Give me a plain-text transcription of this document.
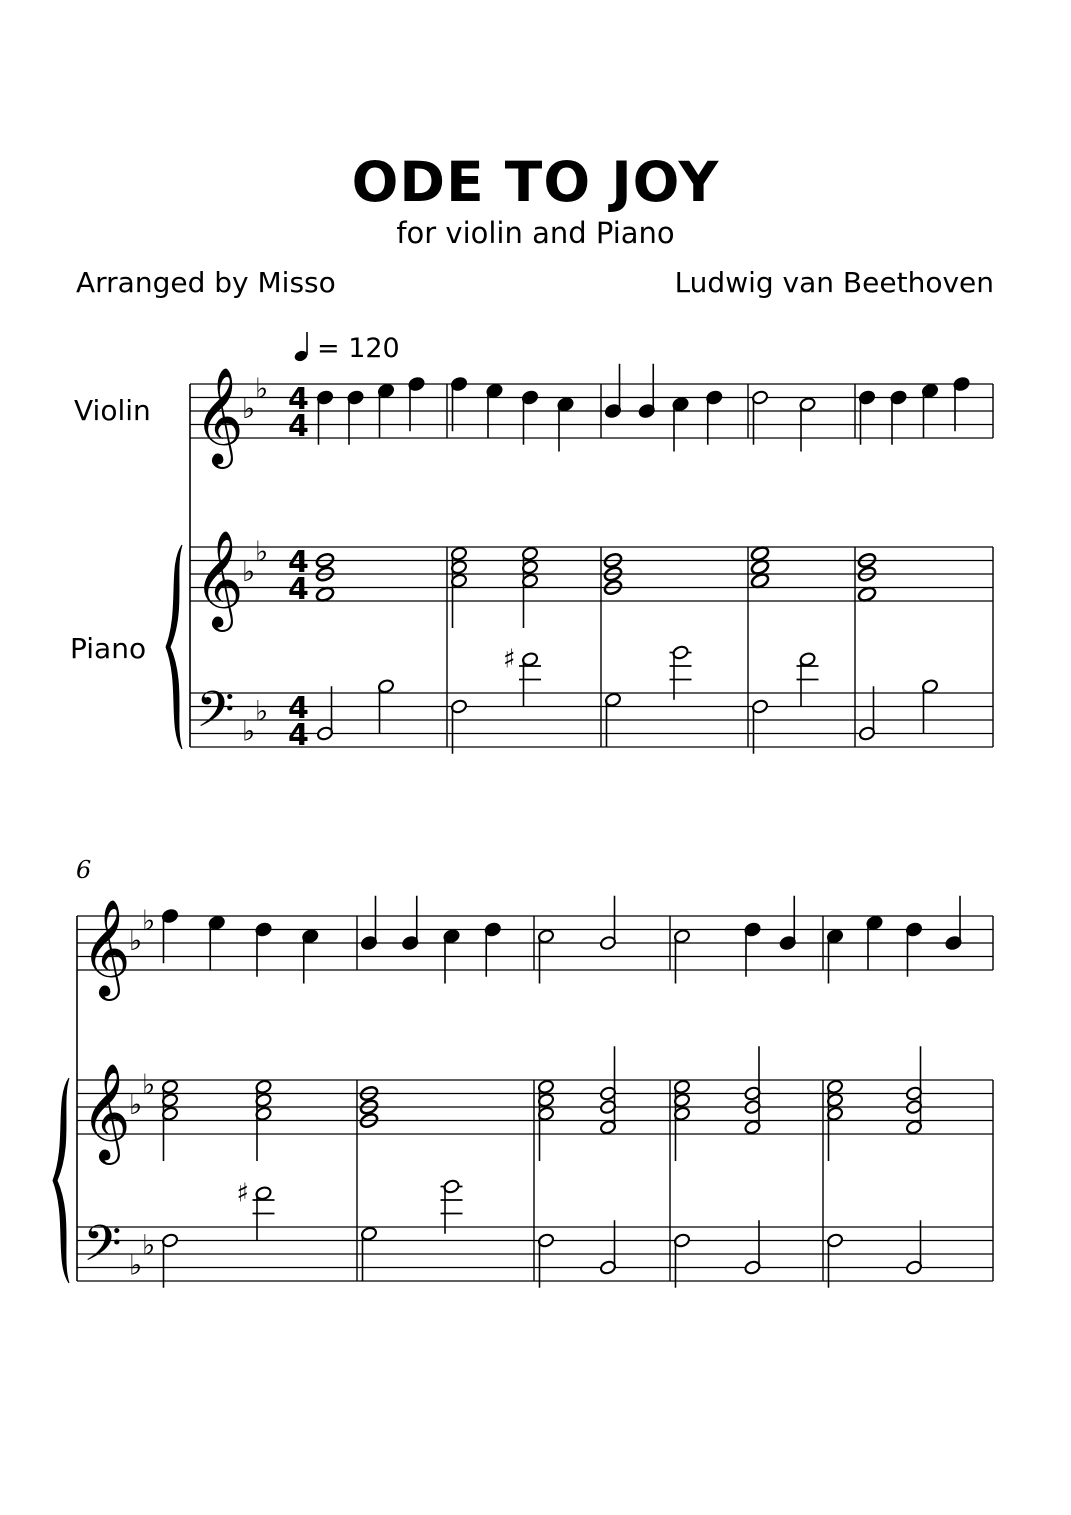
ODE TO JOY
for violin and Piano
Arranged by Misso	Ludwig van Beethoven
Violin
Piano
= 120
6
𝄞
♭
♭ 4
4
𝄞
♭
♭ 4
4
𝄢 ♭
♭ 4
4
♯
𝄞
♭
♭
𝄞
♭
♭
𝄢 ♭
♭
♯
